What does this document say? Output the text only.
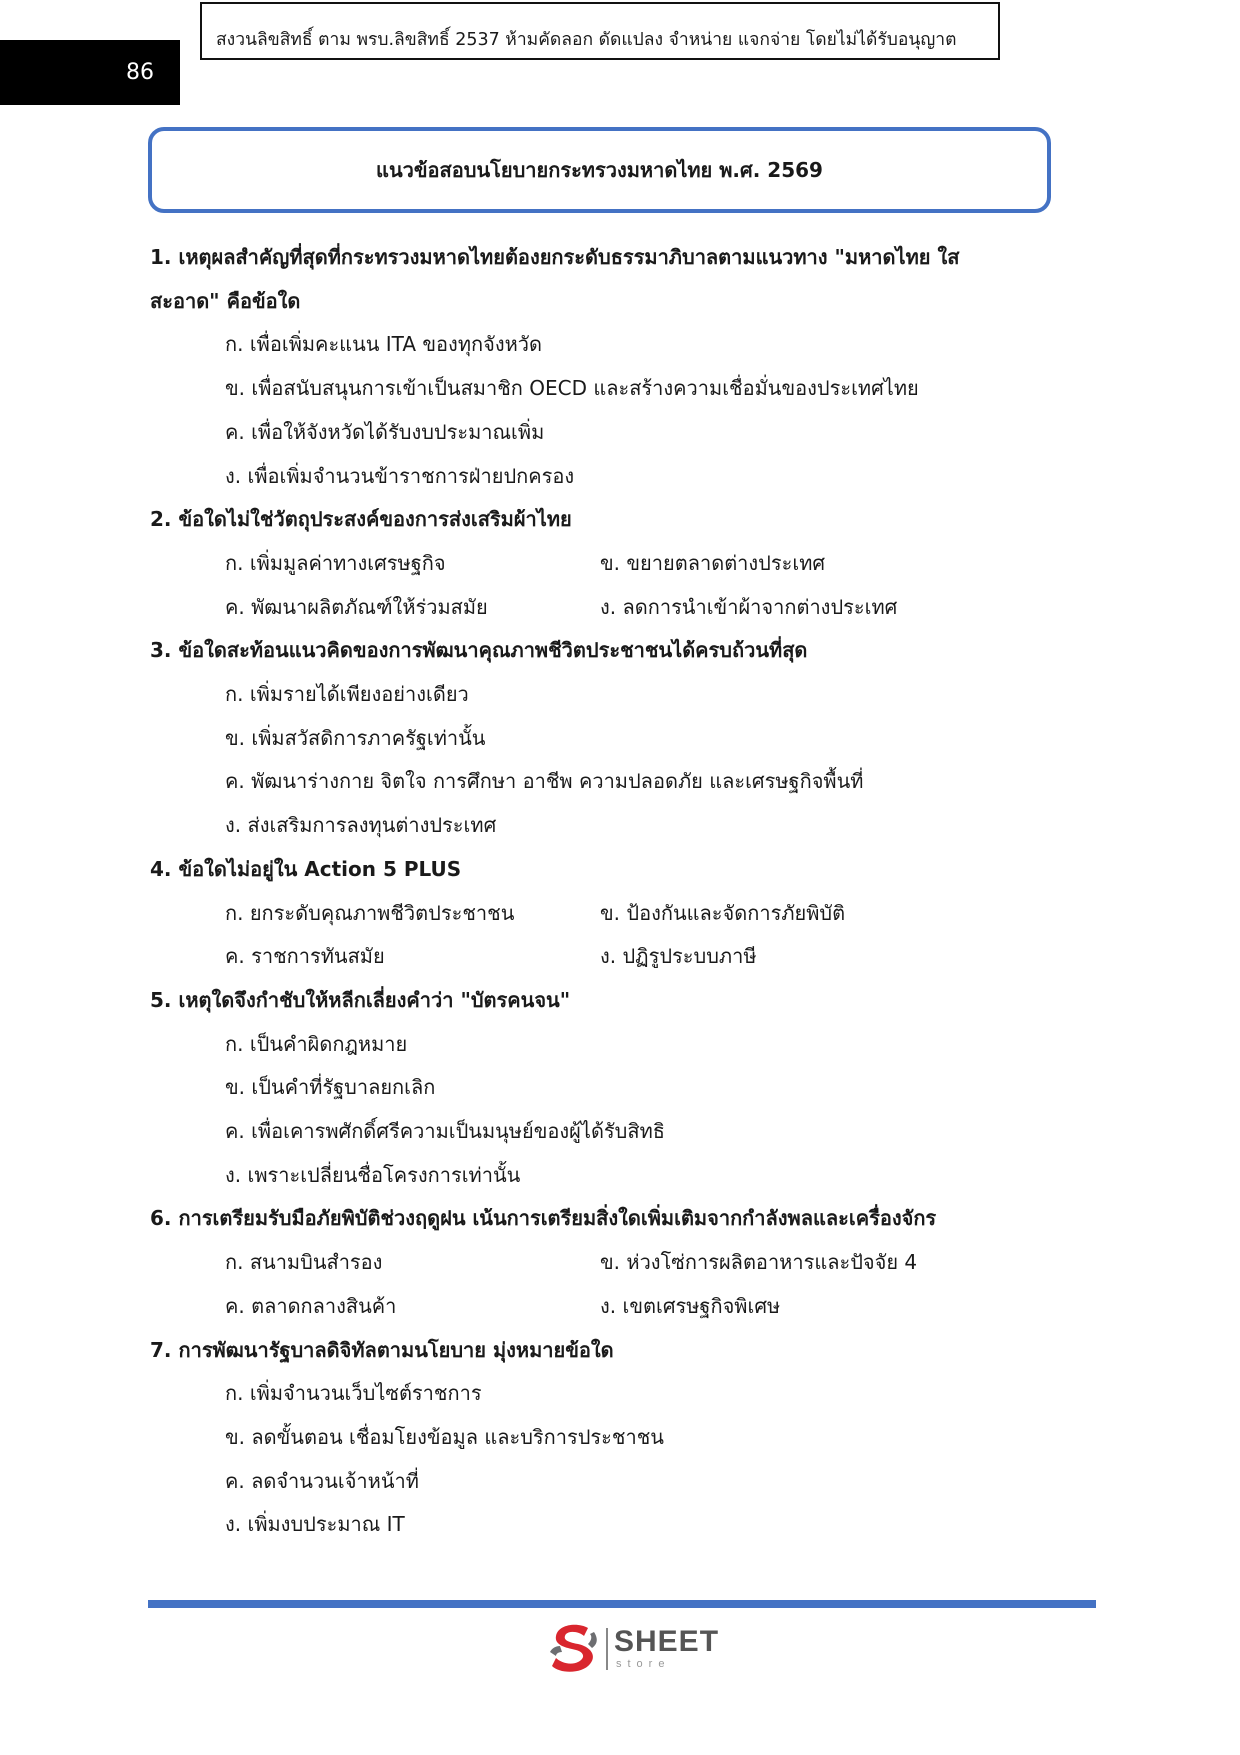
86
สงวนลิขสิทธิ์ ตาม พรบ.ลิขสิทธิ์ 2537 ห้ามคัดลอก ดัดแปลง จำหน่าย แจกจ่าย โดยไม่ได้รับอนุญาต
แนวข้อสอบนโยบายกระทรวงมหาดไทย พ.ศ. 2569
1. เหตุผลสำคัญที่สุดที่กระทรวงมหาดไทยต้องยกระดับธรรมาภิบาลตามแนวทาง "มหาดไทย ใส
สะอาด" คือข้อใด
ก. เพื่อเพิ่มคะแนน ITA ของทุกจังหวัด
ข. เพื่อสนับสนุนการเข้าเป็นสมาชิก OECD และสร้างความเชื่อมั่นของประเทศไทย
ค. เพื่อให้จังหวัดได้รับงบประมาณเพิ่ม
ง. เพื่อเพิ่มจำนวนข้าราชการฝ่ายปกครอง
2. ข้อใดไม่ใช่วัตถุประสงค์ของการส่งเสริมผ้าไทย
ก. เพิ่มมูลค่าทางเศรษฐกิจ	ข. ขยายตลาดต่างประเทศ
ค. พัฒนาผลิตภัณฑ์ให้ร่วมสมัย	ง. ลดการนำเข้าผ้าจากต่างประเทศ
3. ข้อใดสะท้อนแนวคิดของการพัฒนาคุณภาพชีวิตประชาชนได้ครบถ้วนที่สุด
ก. เพิ่มรายได้เพียงอย่างเดียว
ข. เพิ่มสวัสดิการภาครัฐเท่านั้น
ค. พัฒนาร่างกาย จิตใจ การศึกษา อาชีพ ความปลอดภัย และเศรษฐกิจพื้นที่
ง. ส่งเสริมการลงทุนต่างประเทศ
4. ข้อใดไม่อยู่ใน Action 5 PLUS
ก. ยกระดับคุณภาพชีวิตประชาชน	ข. ป้องกันและจัดการภัยพิบัติ
ค. ราชการทันสมัย	ง. ปฏิรูประบบภาษี
5. เหตุใดจึงกำชับให้หลีกเลี่ยงคำว่า "บัตรคนจน"
ก. เป็นคำผิดกฎหมาย
ข. เป็นคำที่รัฐบาลยกเลิก
ค. เพื่อเคารพศักดิ์ศรีความเป็นมนุษย์ของผู้ได้รับสิทธิ
ง. เพราะเปลี่ยนชื่อโครงการเท่านั้น
6. การเตรียมรับมือภัยพิบัติช่วงฤดูฝน เน้นการเตรียมสิ่งใดเพิ่มเติมจากกำลังพลและเครื่องจักร
ก. สนามบินสำรอง	ข. ห่วงโซ่การผลิตอาหารและปัจจัย 4
ค. ตลาดกลางสินค้า	ง. เขตเศรษฐกิจพิเศษ
7. การพัฒนารัฐบาลดิจิทัลตามนโยบาย มุ่งหมายข้อใด
ก. เพิ่มจำนวนเว็บไซต์ราชการ
ข. ลดขั้นตอน เชื่อมโยงข้อมูล และบริการประชาชน
ค. ลดจำนวนเจ้าหน้าที่
ง. เพิ่มงบประมาณ IT
SHEET
store
